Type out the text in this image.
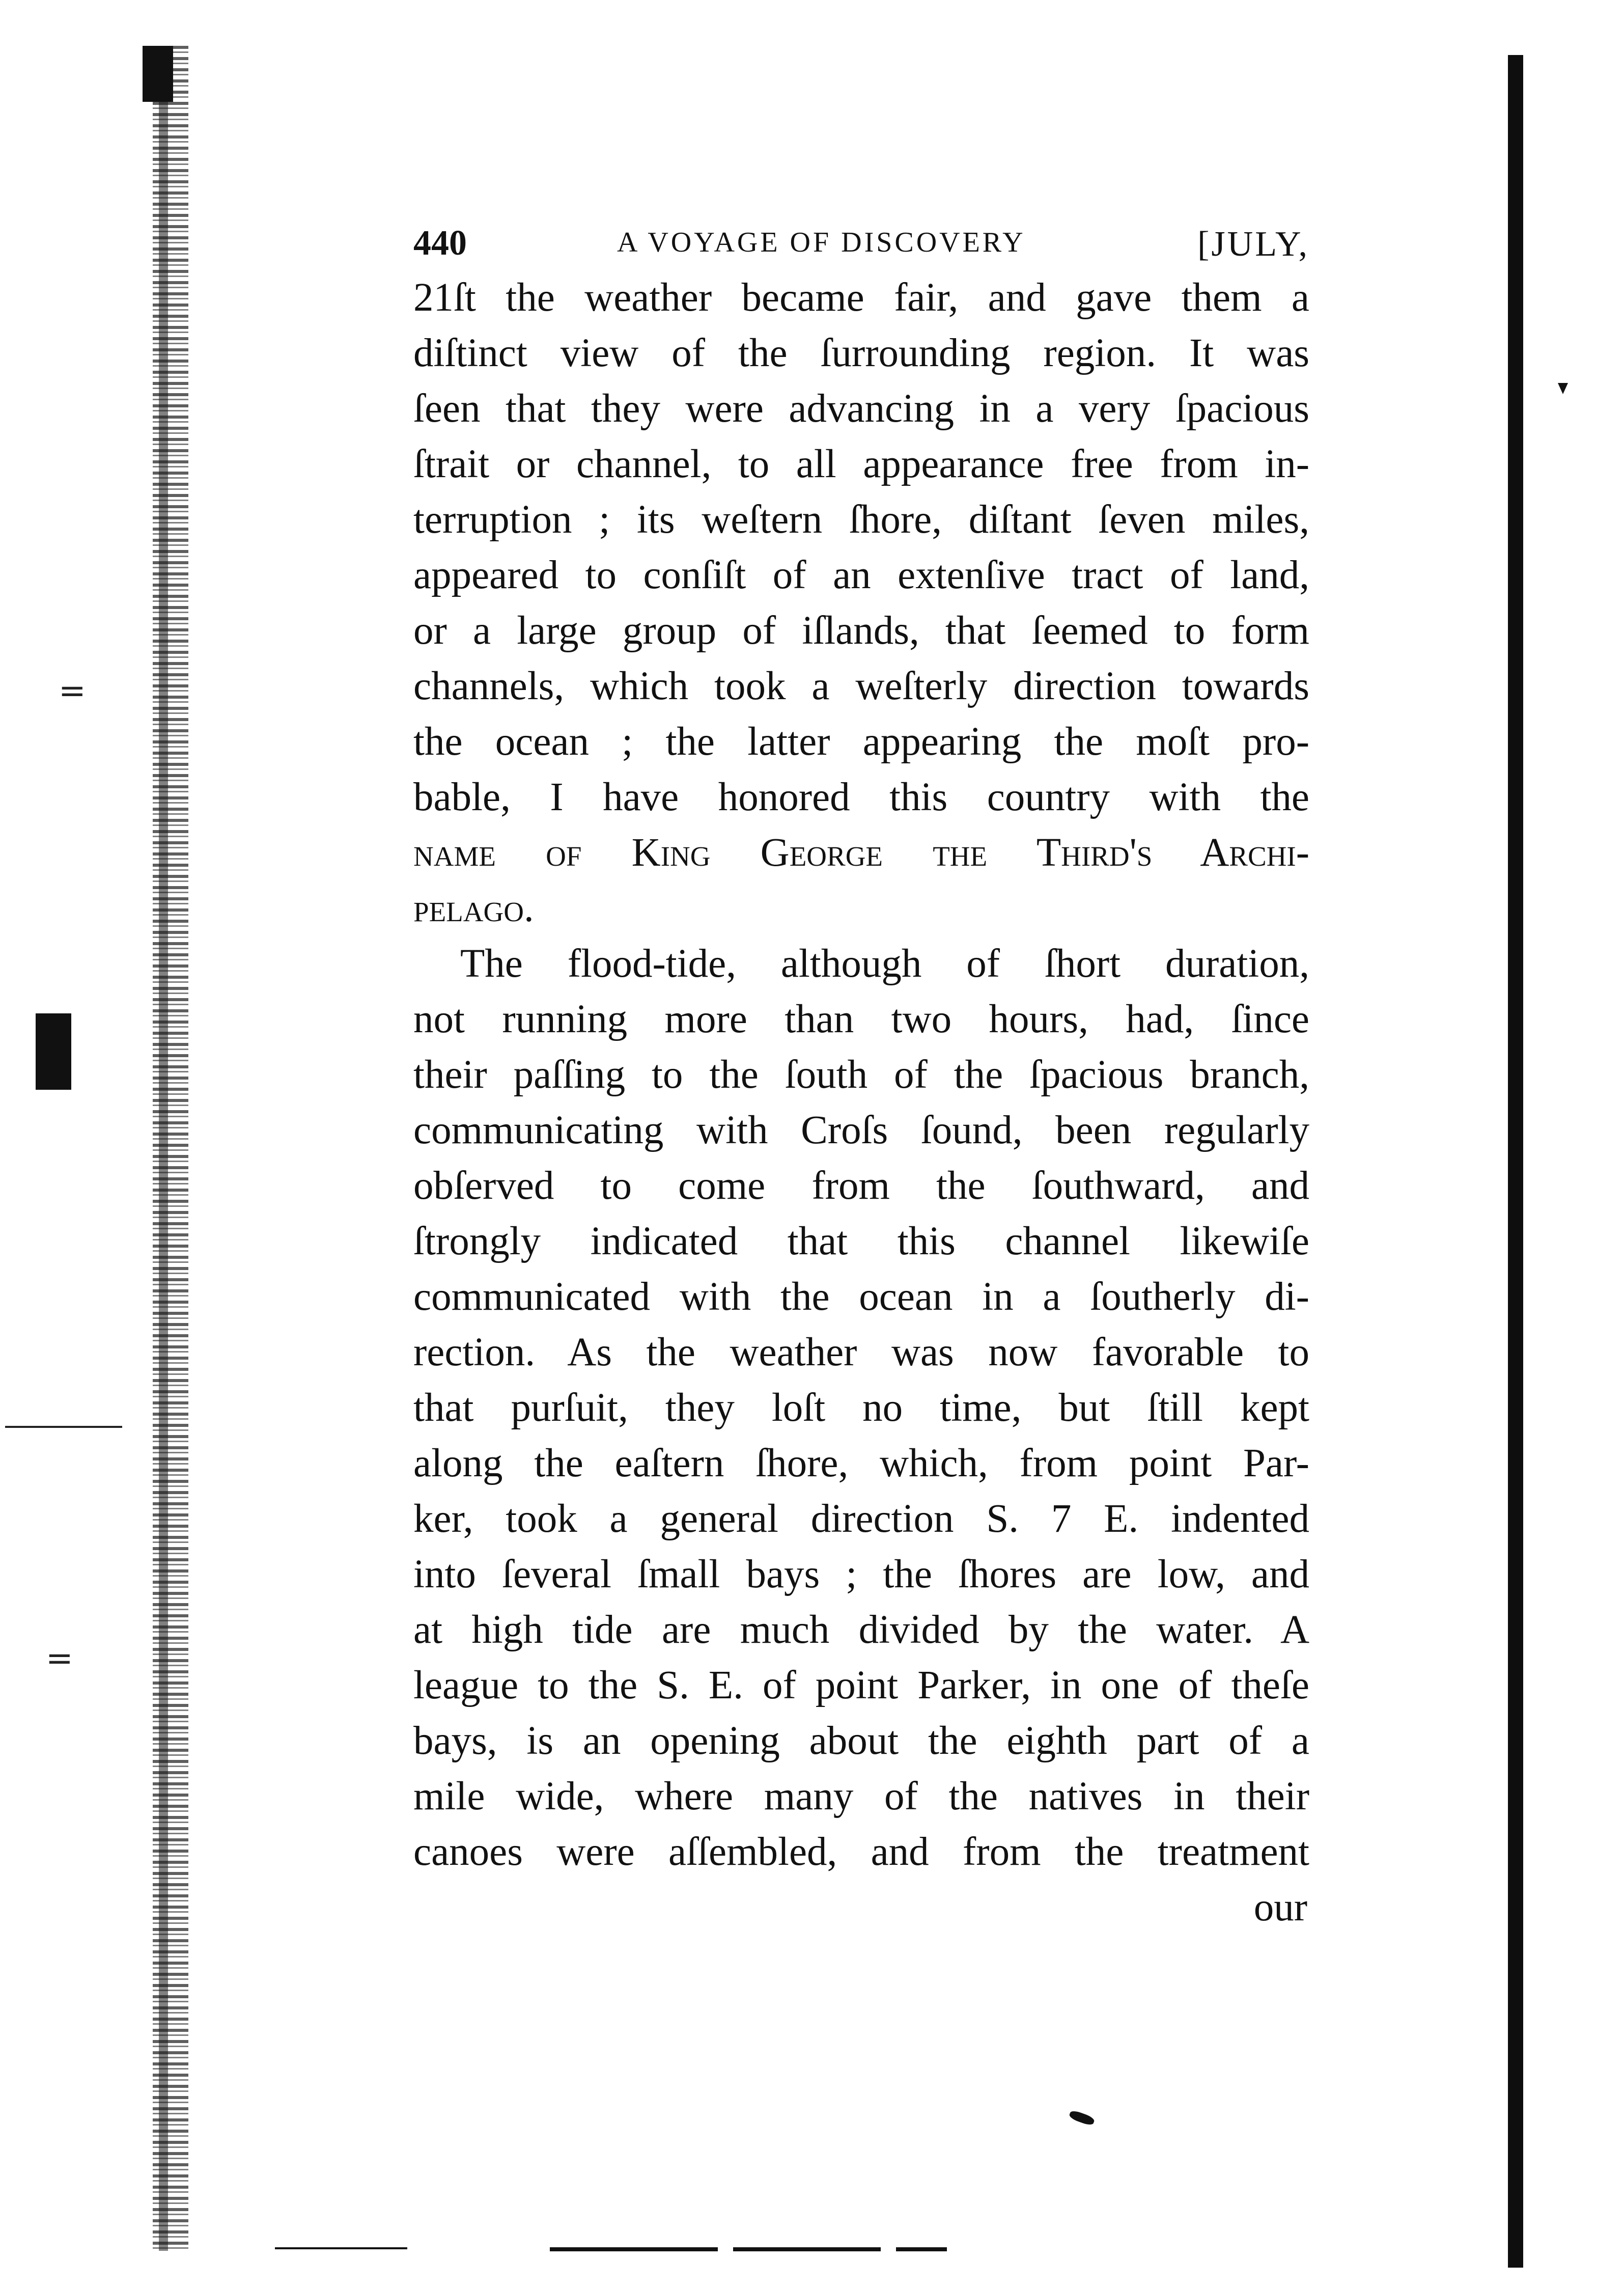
=
=
440	A VOYAGE OF DISCOVERY	[JULY,
21ſt the weather became fair, and gave them a
diſtinct view of the ſurrounding region. It was
ſeen that they were advancing in a very ſpacious
ſtrait or channel, to all appearance free from in-
terruption ; its weſtern ſhore, diſtant ſeven miles,
appeared to conſiſt of an extenſive tract of land,
or a large group of iſlands, that ſeemed to form
channels, which took a weſterly direction towards
the ocean ; the latter appearing the moſt pro-
bable, I have honored this country with the
name of King George the Third's Archi-
pelago.
The flood-tide, although of ſhort duration,
not running more than two hours, had, ſince
their paſſing to the ſouth of the ſpacious branch,
communicating with Croſs ſound, been regularly
obſerved to come from the ſouthward, and
ſtrongly indicated that this channel likewiſe
communicated with the ocean in a ſoutherly di-
rection. As the weather was now favorable to
that purſuit, they loſt no time, but ſtill kept
along the eaſtern ſhore, which, from point Par-
ker, took a general direction S. 7 E. indented
into ſeveral ſmall bays ; the ſhores are low, and
at high tide are much divided by the water. A
league to the S. E. of point Parker, in one of theſe
bays, is an opening about the eighth part of a
mile wide, where many of the natives in their
canoes were aſſembled, and from the treatment
our
